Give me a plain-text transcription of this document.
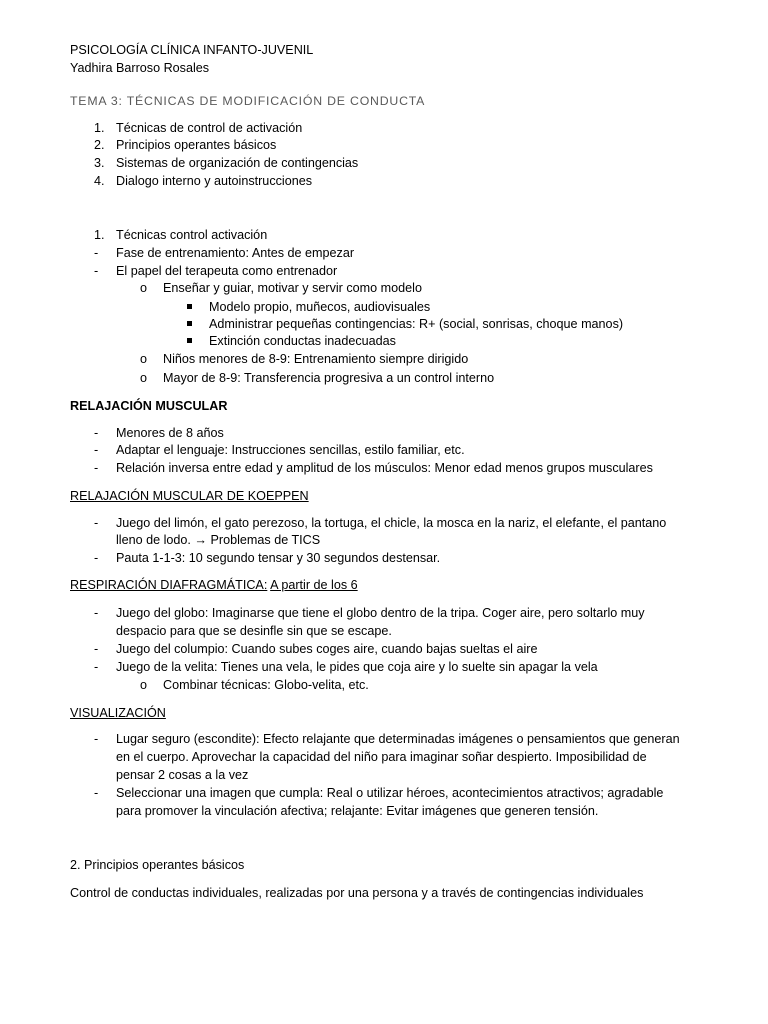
PSICOLOGÍA CLÍNICA INFANTO-JUVENIL
Yadhira Barroso Rosales
TEMA 3: TÉCNICAS DE MODIFICACIÓN DE CONDUCTA
1. Técnicas de control de activación
2. Principios operantes básicos
3. Sistemas de organización de contingencias
4. Dialogo interno y autoinstrucciones
1. Técnicas control activación
- Fase de entrenamiento: Antes de empezar
- El papel del terapeuta como entrenador
o Enseñar y guiar, motivar y servir como modelo
Modelo propio, muñecos, audiovisuales
Administrar pequeñas contingencias: R+ (social, sonrisas, choque manos)
Extinción conductas inadecuadas
o Niños menores de 8-9: Entrenamiento siempre dirigido
o Mayor de 8-9: Transferencia progresiva a un control interno
RELAJACIÓN MUSCULAR
- Menores de 8 años
- Adaptar el lenguaje: Instrucciones sencillas, estilo familiar, etc.
- Relación inversa entre edad y amplitud de los músculos: Menor edad menos grupos musculares
RELAJACIÓN MUSCULAR DE KOEPPEN
- Juego del limón, el gato perezoso, la tortuga, el chicle, la mosca en la nariz, el elefante, el pantano
lleno de lodo. → Problemas de TICS
- Pauta 1-1-3: 10 segundo tensar y 30 segundos destensar.
RESPIRACIÓN DIAFRAGMÁTICA: A partir de los 6
- Juego del globo: Imaginarse que tiene el globo dentro de la tripa. Coger aire, pero soltarlo muy
despacio para que se desinfle sin que se escape.
- Juego del columpio: Cuando subes coges aire, cuando bajas sueltas el aire
- Juego de la velita: Tienes una vela, le pides que coja aire y lo suelte sin apagar la vela
o Combinar técnicas: Globo-velita, etc.
VISUALIZACIÓN
- Lugar seguro (escondite): Efecto relajante que determinadas imágenes o pensamientos que generan
en el cuerpo. Aprovechar la capacidad del niño para imaginar soñar despierto. Imposibilidad de
pensar 2 cosas a la vez
- Seleccionar una imagen que cumpla: Real o utilizar héroes, acontecimientos atractivos; agradable
para promover la vinculación afectiva; relajante: Evitar imágenes que generen tensión.
2. Principios operantes básicos
Control de conductas individuales, realizadas por una persona y a través de contingencias individuales
